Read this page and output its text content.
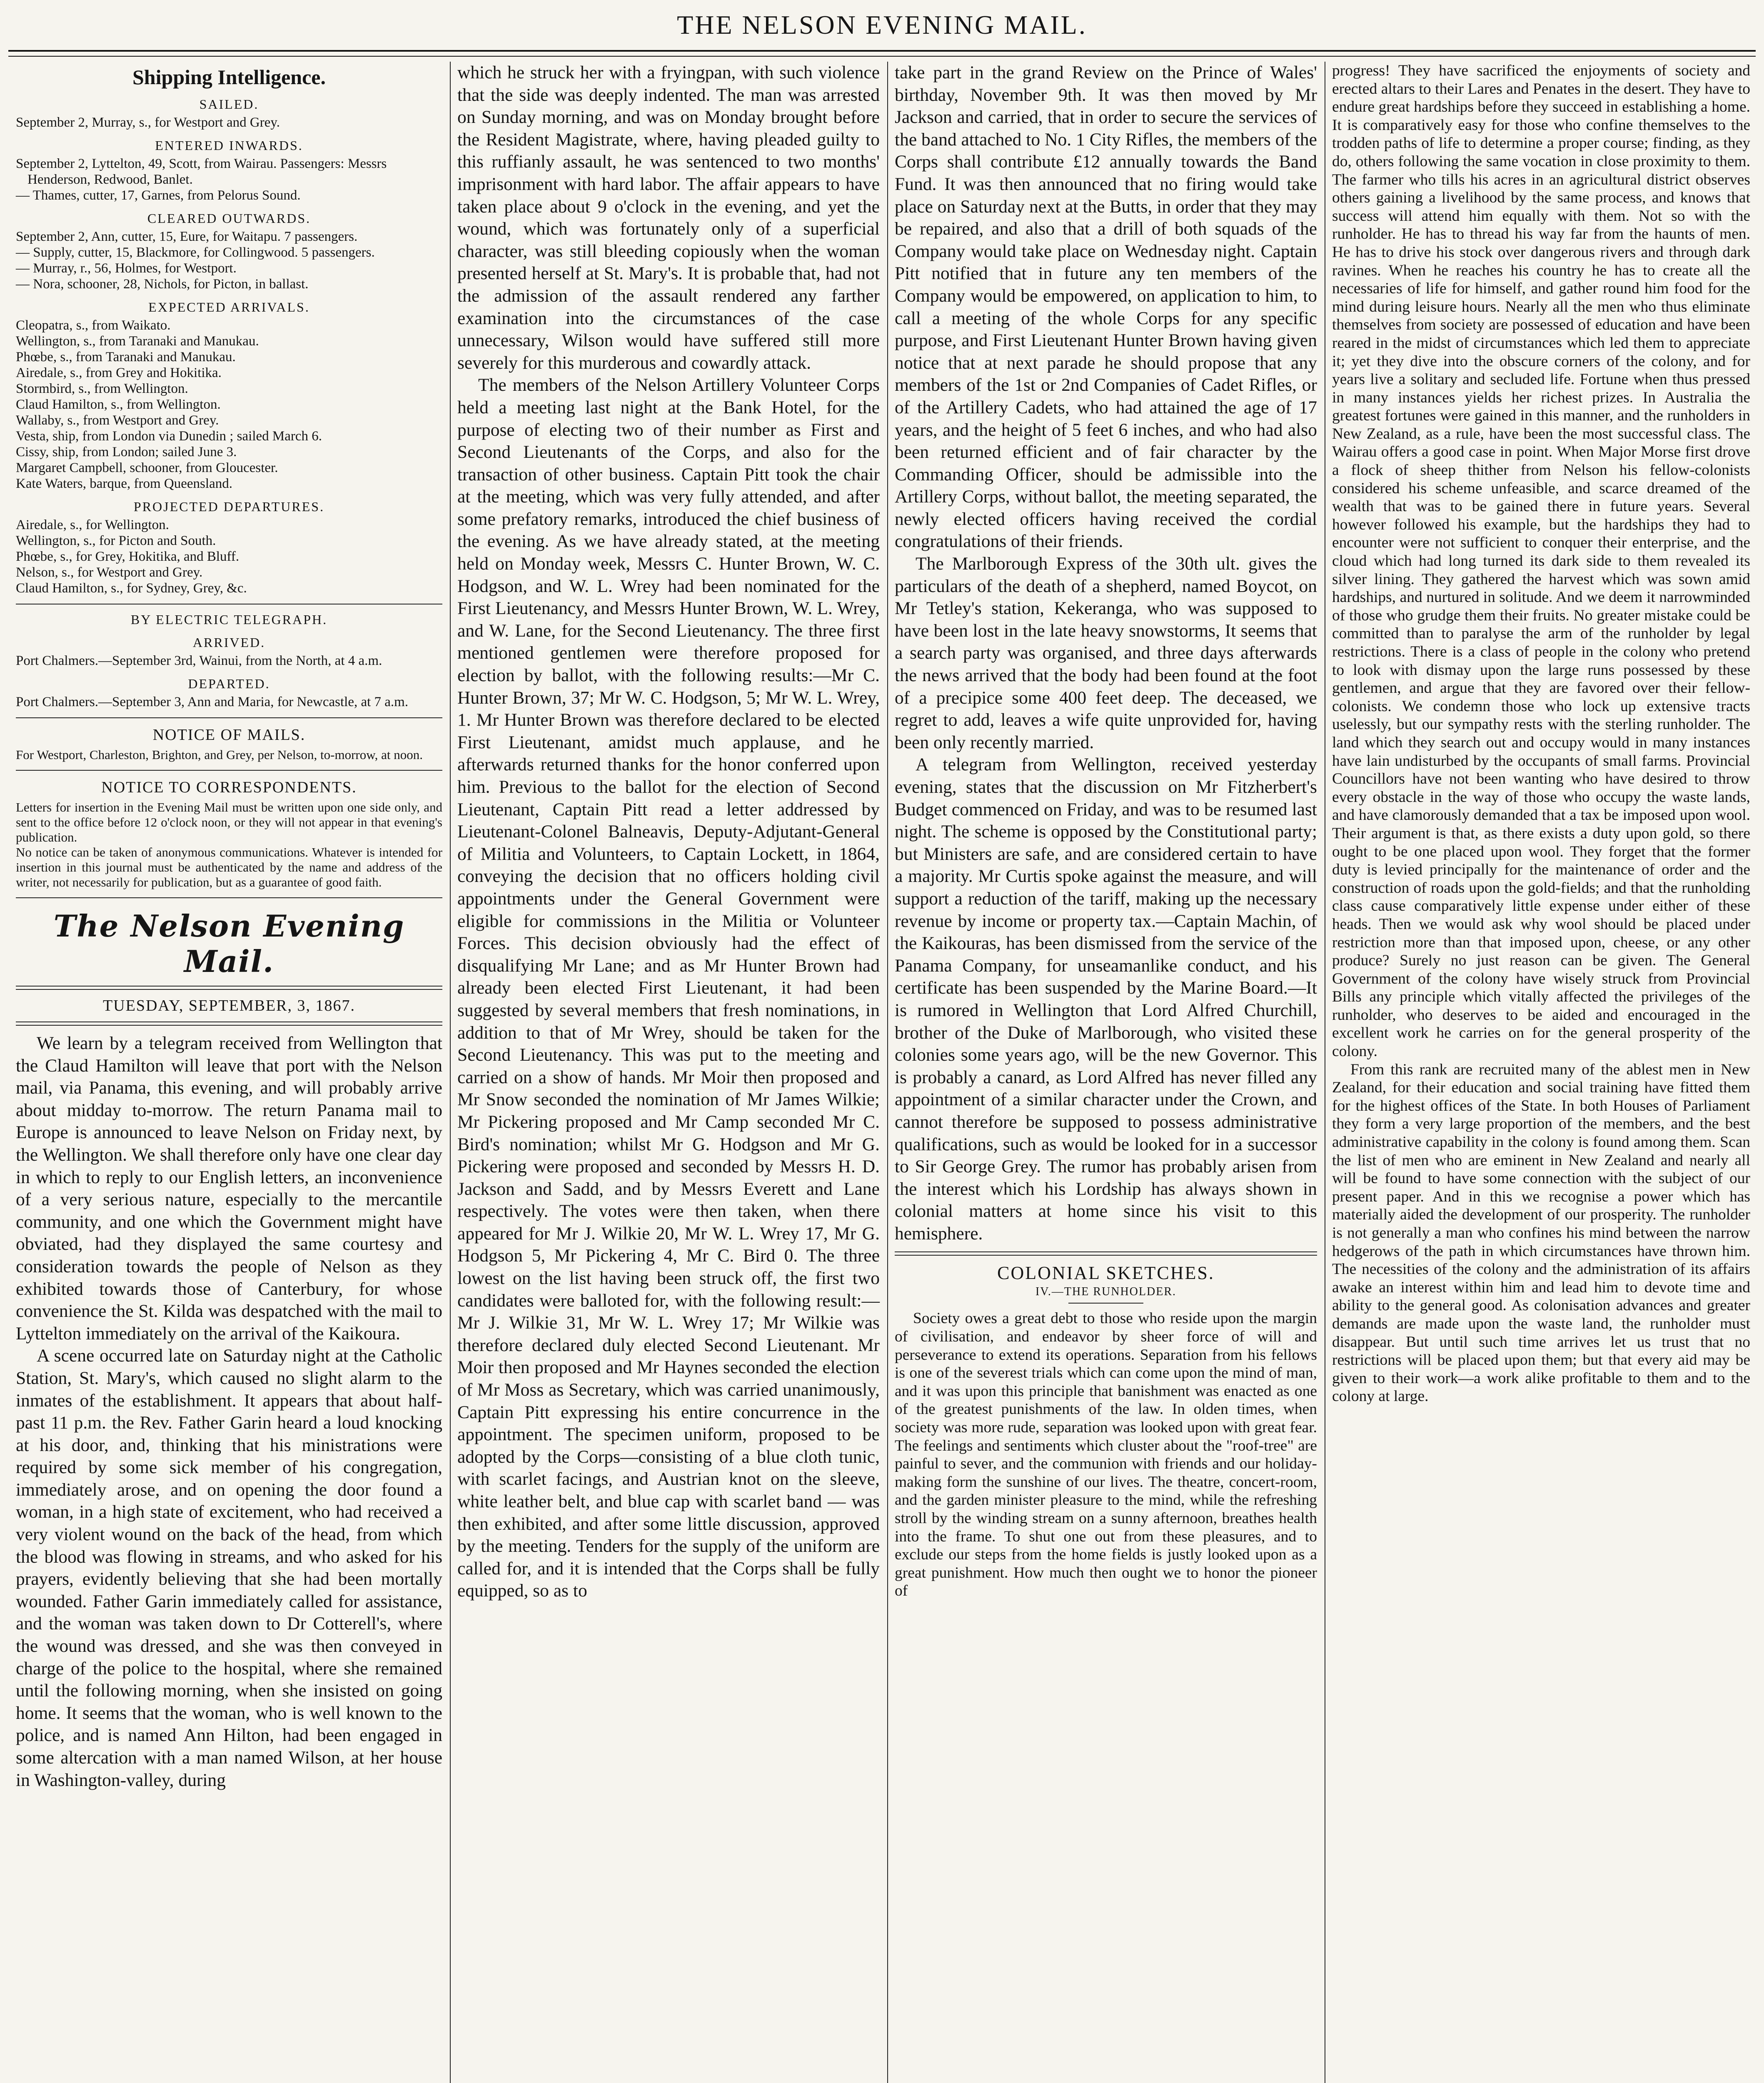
THE NELSON EVENING MAIL.
Shipping Intelligence.
SAILED.

September 2, Murray, s., for Westport and Grey.

ENTERED INWARDS.

September 2, Lyttelton, 49, Scott, from Wairau. Passengers: Messrs Henderson, Redwood, Banlet.

— Thames, cutter, 17, Garnes, from Pelorus Sound.

CLEARED OUTWARDS.

September 2, Ann, cutter, 15, Eure, for Waitapu. 7 passengers.

— Supply, cutter, 15, Blackmore, for Collingwood. 5 passengers.

— Murray, r., 56, Holmes, for Westport.

— Nora, schooner, 28, Nichols, for Picton, in ballast.

EXPECTED ARRIVALS.

Cleopatra, s., from Waikato.

Wellington, s., from Taranaki and Manukau.

Phœbe, s., from Taranaki and Manukau.

Airedale, s., from Grey and Hokitika.

Stormbird, s., from Wellington.

Claud Hamilton, s., from Wellington.

Wallaby, s., from Westport and Grey.

Vesta, ship, from London via Dunedin ; sailed March 6.

Cissy, ship, from London; sailed June 3.

Margaret Campbell, schooner, from Gloucester.

Kate Waters, barque, from Queensland.

PROJECTED DEPARTURES.

Airedale, s., for Wellington.

Wellington, s., for Picton and South.

Phœbe, s., for Grey, Hokitika, and Bluff.

Nelson, s., for Westport and Grey.

Claud Hamilton, s., for Sydney, Grey, &c.

BY ELECTRIC TELEGRAPH.
ARRIVED.

Port Chalmers.—September 3rd, Wainui, from the North, at 4 a.m.

DEPARTED.

Port Chalmers.—September 3, Ann and Maria, for Newcastle, at 7 a.m.

NOTICE OF MAILS.

For Westport, Charleston, Brighton, and Grey, per Nelson, to-morrow, at noon.

NOTICE TO CORRESPONDENTS.

Letters for insertion in the Evening Mail must be written upon one side only, and sent to the office before 12 o'clock noon, or they will not appear in that evening's publication.

No notice can be taken of anonymous communications. Whatever is intended for insertion in this journal must be authenticated by the name and address of the writer, not necessarily for publication, but as a guarantee of good faith.

The Nelson Evening Mail.
TUESDAY, SEPTEMBER, 3, 1867.

We learn by a telegram received from Wellington that the Claud Hamilton will leave that port with the Nelson mail, via Panama, this evening, and will probably arrive about midday to-morrow. The return Panama mail to Europe is announced to leave Nelson on Friday next, by the Wellington. We shall therefore only have one clear day in which to reply to our English letters, an inconvenience of a very serious nature, especially to the mercantile community, and one which the Government might have obviated, had they displayed the same courtesy and consideration towards the people of Nelson as they exhibited towards those of Canterbury, for whose convenience the St. Kilda was despatched with the mail to Lyttelton immediately on the arrival of the Kaikoura.

A scene occurred late on Saturday night at the Catholic Station, St. Mary's, which caused no slight alarm to the inmates of the establishment. It appears that about half-past 11 p.m. the Rev. Father Garin heard a loud knocking at his door, and, thinking that his ministrations were required by some sick member of his congregation, immediately arose, and on opening the door found a woman, in a high state of excitement, who had received a very violent wound on the back of the head, from which the blood was flowing in streams, and who asked for his prayers, evidently believing that she had been mortally wounded. Father Garin immediately called for assistance, and the woman was taken down to Dr Cotterell's, where the wound was dressed, and she was then conveyed in charge of the police to the hospital, where she remained until the following morning, when she insisted on going home. It seems that the woman, who is well known to the police, and is named Ann Hilton, had been engaged in some altercation with a man named Wilson, at her house in Washington-valley, during

which he struck her with a fryingpan, with such violence that the side was deeply indented. The man was arrested on Sunday morning, and was on Monday brought before the Resident Magistrate, where, having pleaded guilty to this ruffianly assault, he was sentenced to two months' imprisonment with hard labor. The affair appears to have taken place about 9 o'clock in the evening, and yet the wound, which was fortunately only of a superficial character, was still bleeding copiously when the woman presented herself at St. Mary's. It is probable that, had not the admission of the assault rendered any farther examination into the circumstances of the case unnecessary, Wilson would have suffered still more severely for this murderous and cowardly attack.

The members of the Nelson Artillery Volunteer Corps held a meeting last night at the Bank Hotel, for the purpose of electing two of their number as First and Second Lieutenants of the Corps, and also for the transaction of other business. Captain Pitt took the chair at the meeting, which was very fully attended, and after some prefatory remarks, introduced the chief business of the evening. As we have already stated, at the meeting held on Monday week, Messrs C. Hunter Brown, W. C. Hodgson, and W. L. Wrey had been nominated for the First Lieutenancy, and Messrs Hunter Brown, W. L. Wrey, and W. Lane, for the Second Lieutenancy. The three first mentioned gentlemen were therefore proposed for election by ballot, with the following results:—Mr C. Hunter Brown, 37; Mr W. C. Hodgson, 5; Mr W. L. Wrey, 1. Mr Hunter Brown was therefore declared to be elected First Lieutenant, amidst much applause, and he afterwards returned thanks for the honor conferred upon him. Previous to the ballot for the election of Second Lieutenant, Captain Pitt read a letter addressed by Lieutenant-Colonel Balneavis, Deputy-Adjutant-General of Militia and Volunteers, to Captain Lockett, in 1864, conveying the decision that no officers holding civil appointments under the General Government were eligible for commissions in the Militia or Volunteer Forces. This decision obviously had the effect of disqualifying Mr Lane; and as Mr Hunter Brown had already been elected First Lieutenant, it had been suggested by several members that fresh nominations, in addition to that of Mr Wrey, should be taken for the Second Lieutenancy. This was put to the meeting and carried on a show of hands. Mr Moir then proposed and Mr Snow seconded the nomination of Mr James Wilkie; Mr Pickering proposed and Mr Camp seconded Mr C. Bird's nomination; whilst Mr G. Hodgson and Mr G. Pickering were proposed and seconded by Messrs H. D. Jackson and Sadd, and by Messrs Everett and Lane respectively. The votes were then taken, when there appeared for Mr J. Wilkie 20, Mr W. L. Wrey 17, Mr G. Hodgson 5, Mr Pickering 4, Mr C. Bird 0. The three lowest on the list having been struck off, the first two candidates were balloted for, with the following result:—Mr J. Wilkie 31, Mr W. L. Wrey 17; Mr Wilkie was therefore declared duly elected Second Lieutenant. Mr Moir then proposed and Mr Haynes seconded the election of Mr Moss as Secretary, which was carried unanimously, Captain Pitt expressing his entire concurrence in the appointment. The specimen uniform, proposed to be adopted by the Corps—consisting of a blue cloth tunic, with scarlet facings, and Austrian knot on the sleeve, white leather belt, and blue cap with scarlet band — was then exhibited, and after some little discussion, approved by the meeting. Tenders for the supply of the uniform are called for, and it is intended that the Corps shall be fully equipped, so as to

take part in the grand Review on the Prince of Wales' birthday, November 9th. It was then moved by Mr Jackson and carried, that in order to secure the services of the band attached to No. 1 City Rifles, the members of the Corps shall contribute £12 annually towards the Band Fund. It was then announced that no firing would take place on Saturday next at the Butts, in order that they may be repaired, and also that a drill of both squads of the Company would take place on Wednesday night. Captain Pitt notified that in future any ten members of the Company would be empowered, on application to him, to call a meeting of the whole Corps for any specific purpose, and First Lieutenant Hunter Brown having given notice that at next parade he should propose that any members of the 1st or 2nd Companies of Cadet Rifles, or of the Artillery Cadets, who had attained the age of 17 years, and the height of 5 feet 6 inches, and who had also been returned efficient and of fair character by the Commanding Officer, should be admissible into the Artillery Corps, without ballot, the meeting separated, the newly elected officers having received the cordial congratulations of their friends.

The Marlborough Express of the 30th ult. gives the particulars of the death of a shepherd, named Boycot, on Mr Tetley's station, Kekeranga, who was supposed to have been lost in the late heavy snowstorms, It seems that a search party was organised, and three days afterwards the news arrived that the body had been found at the foot of a precipice some 400 feet deep. The deceased, we regret to add, leaves a wife quite unprovided for, having been only recently married.

A telegram from Wellington, received yesterday evening, states that the discussion on Mr Fitzherbert's Budget commenced on Friday, and was to be resumed last night. The scheme is opposed by the Constitutional party; but Ministers are safe, and are considered certain to have a majority. Mr Curtis spoke against the measure, and will support a reduction of the tariff, making up the necessary revenue by income or property tax.—Captain Machin, of the Kaikouras, has been dismissed from the service of the Panama Company, for unseamanlike conduct, and his certificate has been suspended by the Marine Board.—It is rumored in Wellington that Lord Alfred Churchill, brother of the Duke of Marlborough, who visited these colonies some years ago, will be the new Governor. This is probably a canard, as Lord Alfred has never filled any appointment of a similar character under the Crown, and cannot therefore be supposed to possess administrative qualifications, such as would be looked for in a successor to Sir George Grey. The rumor has probably arisen from the interest which his Lordship has always shown in colonial matters at home since his visit to this hemisphere.

COLONIAL SKETCHES.
IV.—THE RUNHOLDER.

Society owes a great debt to those who reside upon the margin of civilisation, and endeavor by sheer force of will and perseverance to extend its operations. Separation from his fellows is one of the severest trials which can come upon the mind of man, and it was upon this principle that banishment was enacted as one of the greatest punishments of the law. In olden times, when society was more rude, separation was looked upon with great fear. The feelings and sentiments which cluster about the "roof-tree" are painful to sever, and the communion with friends and our holiday-making form the sunshine of our lives. The theatre, concert-room, and the garden minister pleasure to the mind, while the refreshing stroll by the winding stream on a sunny afternoon, breathes health into the frame. To shut one out from these pleasures, and to exclude our steps from the home fields is justly looked upon as a great punishment. How much then ought we to honor the pioneer of

progress! They have sacrificed the enjoyments of society and erected altars to their Lares and Penates in the desert. They have to endure great hardships before they succeed in establishing a home. It is comparatively easy for those who confine themselves to the trodden paths of life to determine a proper course; finding, as they do, others following the same vocation in close proximity to them. The farmer who tills his acres in an agricultural district observes others gaining a livelihood by the same process, and knows that success will attend him equally with them. Not so with the runholder. He has to thread his way far from the haunts of men. He has to drive his stock over dangerous rivers and through dark ravines. When he reaches his country he has to create all the necessaries of life for himself, and gather round him food for the mind during leisure hours. Nearly all the men who thus eliminate themselves from society are possessed of education and have been reared in the midst of circumstances which led them to appreciate it; yet they dive into the obscure corners of the colony, and for years live a solitary and secluded life. Fortune when thus pressed in many instances yields her richest prizes. In Australia the greatest fortunes were gained in this manner, and the runholders in New Zealand, as a rule, have been the most successful class. The Wairau offers a good case in point. When Major Morse first drove a flock of sheep thither from Nelson his fellow-colonists considered his scheme unfeasible, and scarce dreamed of the wealth that was to be gained there in future years. Several however followed his example, but the hardships they had to encounter were not sufficient to conquer their enterprise, and the cloud which had long turned its dark side to them revealed its silver lining. They gathered the harvest which was sown amid hardships, and nurtured in solitude. And we deem it narrowminded of those who grudge them their fruits. No greater mistake could be committed than to paralyse the arm of the runholder by legal restrictions. There is a class of people in the colony who pretend to look with dismay upon the large runs possessed by these gentlemen, and argue that they are favored over their fellow-colonists. We condemn those who lock up extensive tracts uselessly, but our sympathy rests with the sterling runholder. The land which they search out and occupy would in many instances have lain undisturbed by the occupants of small farms. Provincial Councillors have not been wanting who have desired to throw every obstacle in the way of those who occupy the waste lands, and have clamorously demanded that a tax be imposed upon wool. Their argument is that, as there exists a duty upon gold, so there ought to be one placed upon wool. They forget that the former duty is levied principally for the maintenance of order and the construction of roads upon the gold-fields; and that the runholding class cause comparatively little expense under either of these heads. Then we would ask why wool should be placed under restriction more than that imposed upon, cheese, or any other produce? Surely no just reason can be given. The General Government of the colony have wisely struck from Provincial Bills any principle which vitally affected the privileges of the runholder, who deserves to be aided and encouraged in the excellent work he carries on for the general prosperity of the colony.

From this rank are recruited many of the ablest men in New Zealand, for their education and social training have fitted them for the highest offices of the State. In both Houses of Parliament they form a very large proportion of the members, and the best administrative capability in the colony is found among them. Scan the list of men who are eminent in New Zealand and nearly all will be found to have some connection with the subject of our present paper. And in this we recognise a power which has materially aided the development of our prosperity. The runholder is not generally a man who confines his mind between the narrow hedgerows of the path in which circumstances have thrown him. The necessities of the colony and the administration of its affairs awake an interest within him and lead him to devote time and ability to the general good. As colonisation advances and greater demands are made upon the waste land, the runholder must disappear. But until such time arrives let us trust that no restrictions will be placed upon them; but that every aid may be given to their work—a work alike profitable to them and to the colony at large.
